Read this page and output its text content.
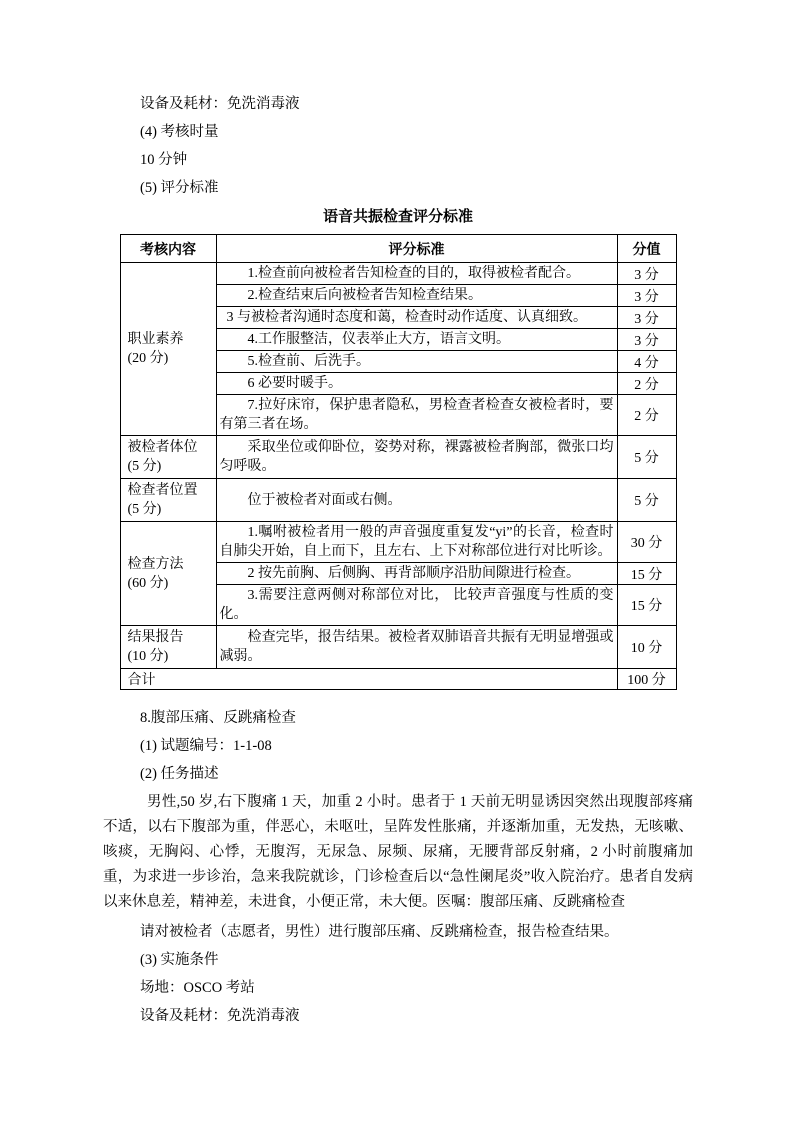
设备及耗材：免洗消毒液

(4) 考核时量

10 分钟

(5) 评分标准

语音共振检查评分标准
考核内容	评分标准	分值

职业素养
(20 分)	1.检查前向被检者告知检查的目的，取得被检者配合。	3 分

	2.检查结束后向被检者告知检查结果。	3 分

	3 与被检者沟通时态度和蔼，检查时动作适度、认真细致。	3 分

	4.工作服整洁，仪表举止大方，语言文明。	3 分

	5.检查前、后洗手。	4 分

	6 必要时暖手。	2 分

	7.拉好床帘，保护患者隐私，男检查者检查女被检者时，要有第三者在场。	2 分

被检者体位
(5 分)	采取坐位或仰卧位，姿势对称，裸露被检者胸部，微张口均匀呼吸。	5 分

检查者位置
(5 分)	位于被检者对面或右侧。	5 分

检查方法
(60 分)	1.嘱咐被检者用一般的声音强度重复发“yi”的长音，检查时自肺尖开始，自上而下，且左右、上下对称部位进行对比听诊。	30 分

	2 按先前胸、后侧胸、再背部顺序沿肋间隙进行检查。	15 分

	3.需要注意两侧对称部位对比， 比较声音强度与性质的变化。	15 分

结果报告
(10 分)	检查完毕，报告结果。被检者双肺语音共振有无明显增强或减弱。	10 分
合计		100 分

8.腹部压痛、反跳痛检查

(1) 试题编号：1-1-08

(2) 任务描述

男性,50 岁,右下腹痛 1 天，加重 2 小时。患者于 1 天前无明显诱因突然出现腹部疼痛不适，以右下腹部为重，伴恶心，未呕吐，呈阵发性胀痛，并逐渐加重，无发热，无咳嗽、咳痰，无胸闷、心悸，无腹泻，无尿急、尿频、尿痛，无腰背部反射痛，2 小时前腹痛加重，为求进一步诊治，急来我院就诊，门诊检查后以“急性阑尾炎”收入院治疗。患者自发病以来休息差，精神差，未进食，小便正常，未大便。医嘱：腹部压痛、反跳痛检查

请对被检者（志愿者，男性）进行腹部压痛、反跳痛检查，报告检查结果。

(3) 实施条件

场地：OSCO 考站

设备及耗材：免洗消毒液
